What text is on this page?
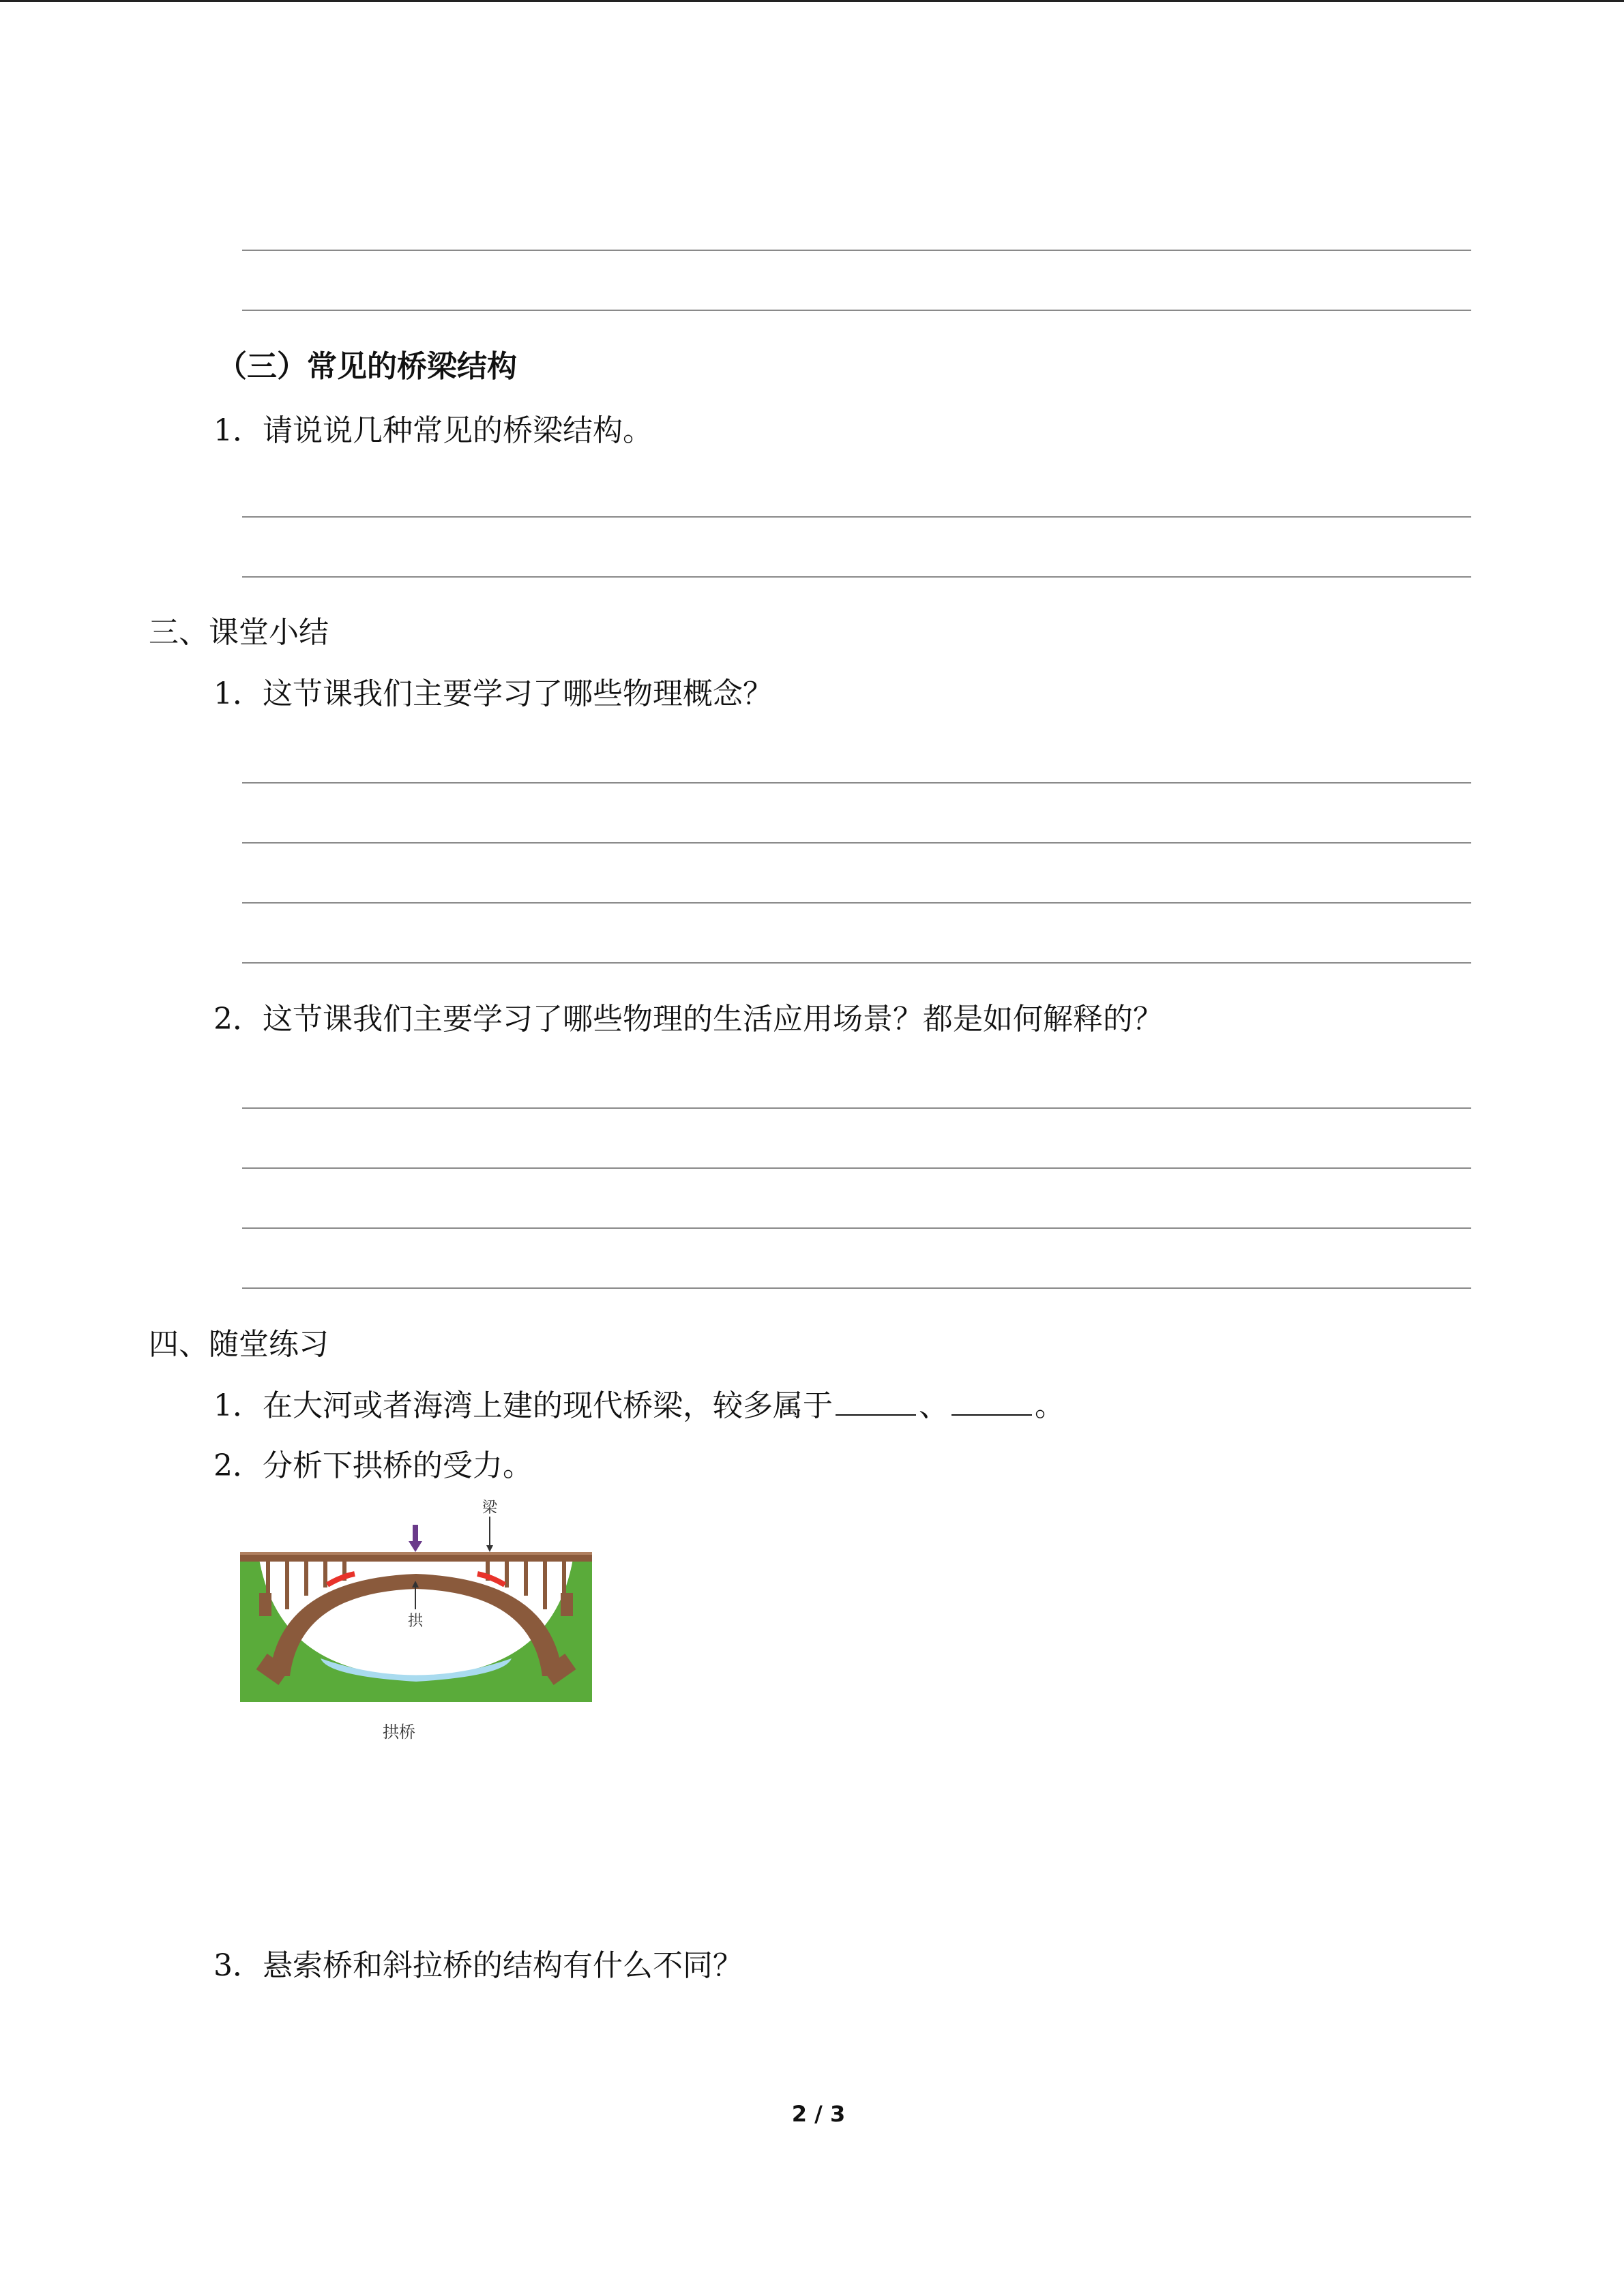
（三）常见的桥梁结构
1．请说说几种常见的桥梁结构。
三、课堂小结
1．这节课我们主要学习了哪些物理概念？
2．这节课我们主要学习了哪些物理的生活应用场景？都是如何解释的？
四、随堂练习
1．在大河或者海湾上建的现代桥梁，较多属于	、	。
2．分析下拱桥的受力。
梁
拱
拱桥
3．悬索桥和斜拉桥的结构有什么不同？
2 / 3
